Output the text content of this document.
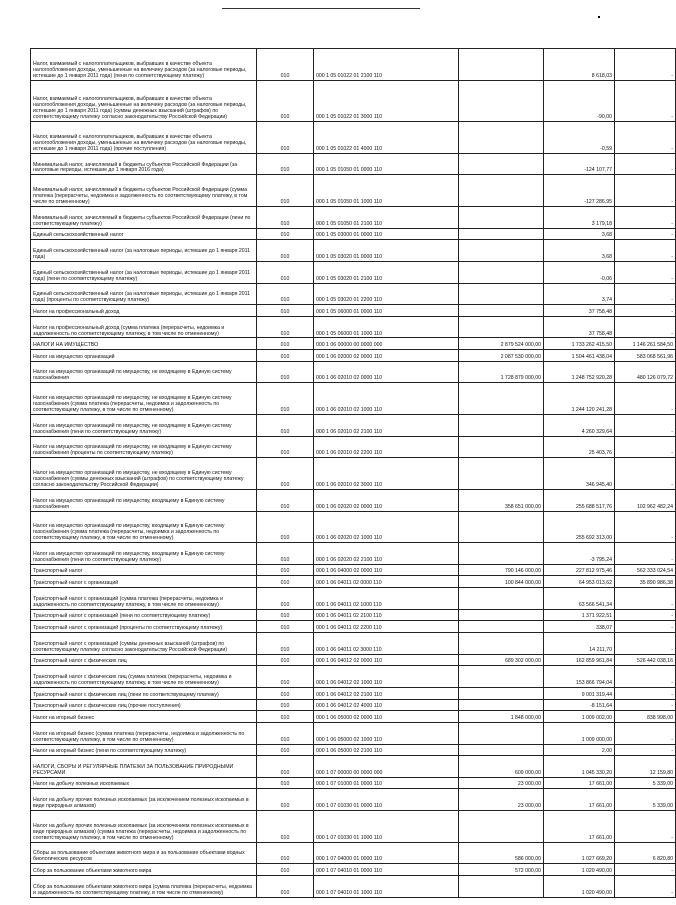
Налог, взимаемый с налогоплательщиков, выбравших в качестве объекта налогообложения доходы, уменьшенные на величину расходов (за налоговые периоды, истекшие до 1 января 2011 года) (пени по соответствующему платежу)	010	000 1 05 01022 01 2100 110		8 618,03	-
Налог, взимаемый с налогоплательщиков, выбравших в качестве объекта налогообложения доходы, уменьшенные на величину расходов (за налоговые периоды, истекшие до 1 января 2011 года) (суммы денежных взысканий (штрафов) по соответствующему платежу согласно законодательству Российской Федерации)	010	000 1 05 01022 01 3000 110		-90,00	-
Налог, взимаемый с налогоплательщиков, выбравших в качестве объекта налогообложения доходы, уменьшенные на величину расходов (за налоговые периоды, истекшие до 1 января 2011 года) (прочие поступления)	010	000 1 05 01022 01 4000 110		-0,59	-
Минимальный налог, зачисляемый в бюджеты субъектов Российской Федерации (за налоговые периоды, истекшие до 1 января 2016 года)	010	000 1 05 01050 01 0000 110		-124 107,77	-
Минимальный налог, зачисляемый в бюджеты субъектов Российской Федерации (сумма платежа (перерасчеты, недоимка и задолженность по соответствующему платежу, в том числе по отмененному)	010	000 1 05 01050 01 1000 110		-127 286,95	-
Минимальный налог, зачисляемый в бюджеты субъектов Российской Федерации (пени по соответствующему платежу)	010	000 1 05 01050 01 2100 110		3 179,18	-
Единый сельскохозяйственный налог	010	000 1 05 03000 01 0000 110		3,68	-
Единый сельскохозяйственный налог (за налоговые периоды, истекшие до 1 января 2011 года)	010	000 1 05 03020 01 0000 110		3,68	-
Единый сельскохозяйственный налог (за налоговые периоды, истекшие до 1 января 2011 года) (пени по соответствующему платежу)	010	000 1 05 03020 01 2100 110		-0,06	-
Единый сельскохозяйственный налог (за налоговые периоды, истекшие до 1 января 2011 года) (проценты по соответствующему платежу)	010	000 1 05 03020 01 2200 110		3,74	-
Налог на профессиональный доход	010	000 1 05 06000 01 0000 110		37 758,48	-
Налог на профессиональный доход (сумма платежа (перерасчеты, недоимка и задолженность по соответствующему платежу, в том числе по отмененному)	010	000 1 05 06000 01 1000 110		37 758,48	-
НАЛОГИ НА ИМУЩЕСТВО	010	000 1 06 00000 00 0000 000	2 879 524 000,00	1 733 262 415,50	1 146 261 584,50
Налог на имущество организаций	010	000 1 06 02000 02 0000 110	2 087 530 000,00	1 504 461 438,04	583 068 561,96
Налог на имущество организаций по имуществу, не входящему в Единую систему газоснабжения	010	000 1 06 02010 02 0000 110	1 728 879 000,00	1 248 752 920,28	480 126 079,72
Налог на имущество организаций по имуществу, не входящему в Единую систему газоснабжения (сумма платежа (перерасчеты, недоимка и задолженность по соответствующему платежу, в том числе по отмененному)	010	000 1 06 02010 02 1000 110		1 244 120 241,28	-
Налог на имущество организаций по имуществу, не входящему в Единую систему газоснабжения (пени по соответствующему платежу)	010	000 1 06 02010 02 2100 110		4 260 329,64	-
Налог на имущество организаций по имуществу, не входящему в Единую систему газоснабжения (проценты по соответствующему платежу)	010	000 1 06 02010 02 2200 110		25 403,76	-
Налог на имущество организаций по имуществу, не входящему в Единую систему газоснабжения (суммы денежных взысканий (штрафов) по соответствующему платежу согласно законодательству Российской Федерации)	010	000 1 06 02010 02 3000 110		346 945,40	-
Налог на имущество организаций по имуществу, входящему в Единую систему газоснабжения	010	000 1 06 02020 02 0000 110	358 651 000,00	255 688 517,76	102 962 482,24
Налог на имущество организаций по имуществу, входящему в Единую систему газоснабжения (сумма платежа (перерасчеты, недоимка и задолженность по соответствующему платежу, в том числе по отмененному)	010	000 1 06 02020 02 1000 110		255 692 313,00	-
Налог на имущество организаций по имуществу, входящему в Единую систему газоснабжения (пени по соответствующему платежу)	010	000 1 06 02020 02 2100 110		-3 795,24	-
Транспортный налог	010	000 1 06 04000 02 0000 110	790 146 000,00	227 812 975,46	562 333 024,54
Транспортный налог с организаций	010	000 1 06 04011 02 0000 110	100 844 000,00	64 953 013,62	35 890 986,38
Транспортный налог с организаций (сумма платежа (перерасчеты, недоимка и задолженность по соответствующему платежу, в том числе по отмененному)	010	000 1 06 04011 02 1000 110		63 566 541,34	-
Транспортный налог с организаций (пени по соответствующему платежу)	010	000 1 06 04011 02 2100 110		1 371 922,51	-
Транспортный налог с организаций (проценты по соответствующему платежу)	010	000 1 06 04011 02 2200 110		338,07	-
Транспортный налог с организаций (суммы денежных взысканий (штрафов) по соответствующему платежу согласно законодательству Российской Федерации)	010	000 1 06 04011 02 3000 110		14 211,70	-
Транспортный налог с физических лиц	010	000 1 06 04012 02 0000 110	689 302 000,00	162 859 961,84	526 442 038,16
Транспортный налог с физических лиц (сумма платежа (перерасчеты, недоимка и задолженность по соответствующему платежу, в том числе по отмененному)	010	000 1 06 04012 02 1000 110		153 866 794,04	-
Транспортный налог с физических лиц (пени по соответствующему платежу)	010	000 1 06 04012 02 2100 110		9 001 319,44	-
Транспортный налог с физических лиц (прочие поступления)	010	000 1 06 04012 02 4000 110		-8 151,64	-
Налог на игорный бизнес	010	000 1 06 05000 02 0000 110	1 848 000,00	1 009 002,00	838 998,00
Налог на игорный бизнес (сумма платежа (перерасчеты, недоимка и задолженность по соответствующему платежу, в том числе по отмененному)	010	000 1 06 05000 02 1000 110		1 009 000,00	-
Налог на игорный бизнес (пени по соответствующему платежу)	010	000 1 06 05000 02 2100 110		2,00	-
НАЛОГИ, СБОРЫ И РЕГУЛЯРНЫЕ ПЛАТЕЖИ ЗА ПОЛЬЗОВАНИЕ ПРИРОДНЫМИ РЕСУРСАМИ	010	000 1 07 00000 00 0000 000	609 000,00	1 045 330,20	12 159,80
Налог на добычу полезных ископаемых	010	000 1 07 01000 01 0000 110	23 000,00	17 661,00	5 339,00
Налог на добычу прочих полезных ископаемых (за исключением полезных ископаемых в виде природных алмазов)	010	000 1 07 01030 01 0000 110	23 000,00	17 661,00	5 339,00
Налог на добычу прочих полезных ископаемых (за исключением полезных ископаемых в виде природных алмазов) (сумма платежа (перерасчеты, недоимка и задолженность по соответствующему платежу, в том числе по отмененному)	010	000 1 07 01030 01 1000 110		17 661,00	-
Сборы за пользование объектами животного мира и за пользование объектами водных биологических ресурсов	010	000 1 07 04000 01 0000 110	586 000,00	1 027 669,20	6 820,80
Сбор за пользование объектами животного мира	010	000 1 07 04010 01 0000 110	572 000,00	1 020 490,00	-
Сбор за пользование объектами животного мира (сумма платежа (перерасчеты, недоимка и задолженность по соответствующему платежу, в том числе по отмененному)	010	000 1 07 04010 01 1000 110		1 020 490,00	-
